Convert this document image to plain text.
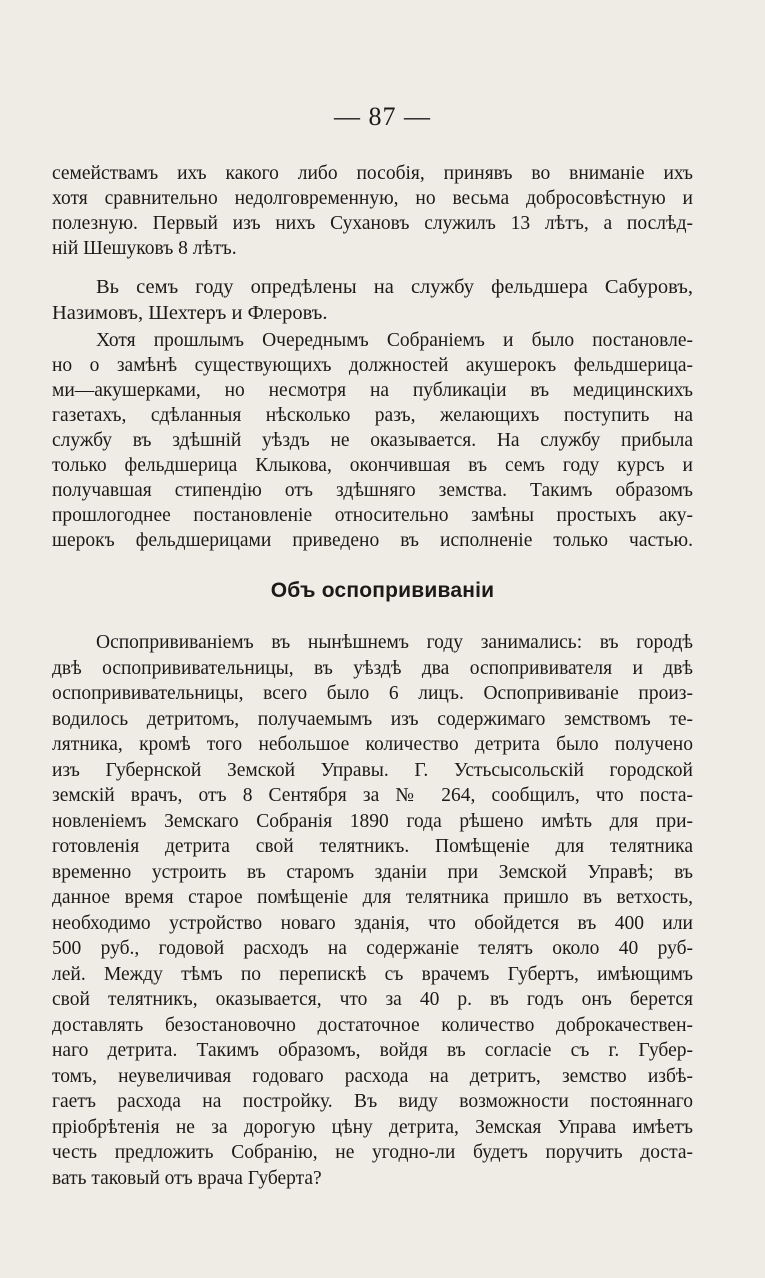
— 87 —
семействамъ ихъ какого либо пособія, принявъ во вниманіе ихъ
хотя сравнительно недолговременную, но весьма добросовѣстную и
полезную. Первый изъ нихъ Сухановъ служилъ 13 лѣтъ, а послѣд-
ній Шешуковъ 8 лѣтъ.
Вь семъ году опредѣлены на службу фельдшера Сабуровъ,
Назимовъ, Шехтеръ и Флеровъ.
Хотя прошлымъ Очереднымъ Собраніемъ и было постановле-
но о замѣнѣ существующихъ должностей акушерокъ фельдшерица-
ми—акушерками, но несмотря на публикаціи въ медицинскихъ
газетахъ, сдѣланныя нѣсколько разъ, желающихъ поступить на
службу въ здѣшній уѣздъ не оказывается. На службу прибыла
только фельдшерица Клыкова, окончившая въ семъ году курсъ и
получавшая стипендію отъ здѣшняго земства. Такимъ образомъ
прошлогоднее постановленіе относительно замѣны простыхъ аку-
шерокъ фельдшерицами приведено въ исполненіе только частью.
Объ оспопрививаніи
Оспопрививаніемъ въ нынѣшнемъ году занимались: въ городѣ
двѣ оспопрививательницы, въ уѣздѣ два оспопрививателя и двѣ
оспопрививательницы, всего было 6 лицъ. Оспопрививаніе произ-
водилось детритомъ, получаемымъ изъ содержимаго земствомъ те-
лятника, кромѣ того небольшое количество детрита было получено
изъ Губернской Земской Управы. Г. Устьсысольскій городской
земскій врачъ, отъ 8 Сентября за № 264, сообщилъ, что поста-
новленіемъ Земскаго Собранія 1890 года рѣшено имѣть для при-
готовленія детрита свой телятникъ. Помѣщеніе для телятника
временно устроить въ старомъ зданіи при Земской Управѣ; въ
данное время старое помѣщеніе для телятника пришло въ ветхость,
необходимо устройство новаго зданія, что обойдется въ 400 или
500 руб., годовой расходъ на содержаніе телятъ около 40 руб-
лей. Между тѣмъ по перепискѣ съ врачемъ Губертъ, имѣющимъ
свой телятникъ, оказывается, что за 40 р. въ годъ онъ берется
доставлять безостановочно достаточное количество доброкачествен-
наго детрита. Такимъ образомъ, войдя въ согласіе съ г. Губер-
томъ, неувеличивая годоваго расхода на детритъ, земство избѣ-
гаетъ расхода на постройку. Въ виду возможности постояннаго
пріобрѣтенія не за дорогую цѣну детрита, Земская Управа имѣетъ
честь предложить Собранію, не угодно-ли будетъ поручить доста-
вать таковый отъ врача Губерта?
